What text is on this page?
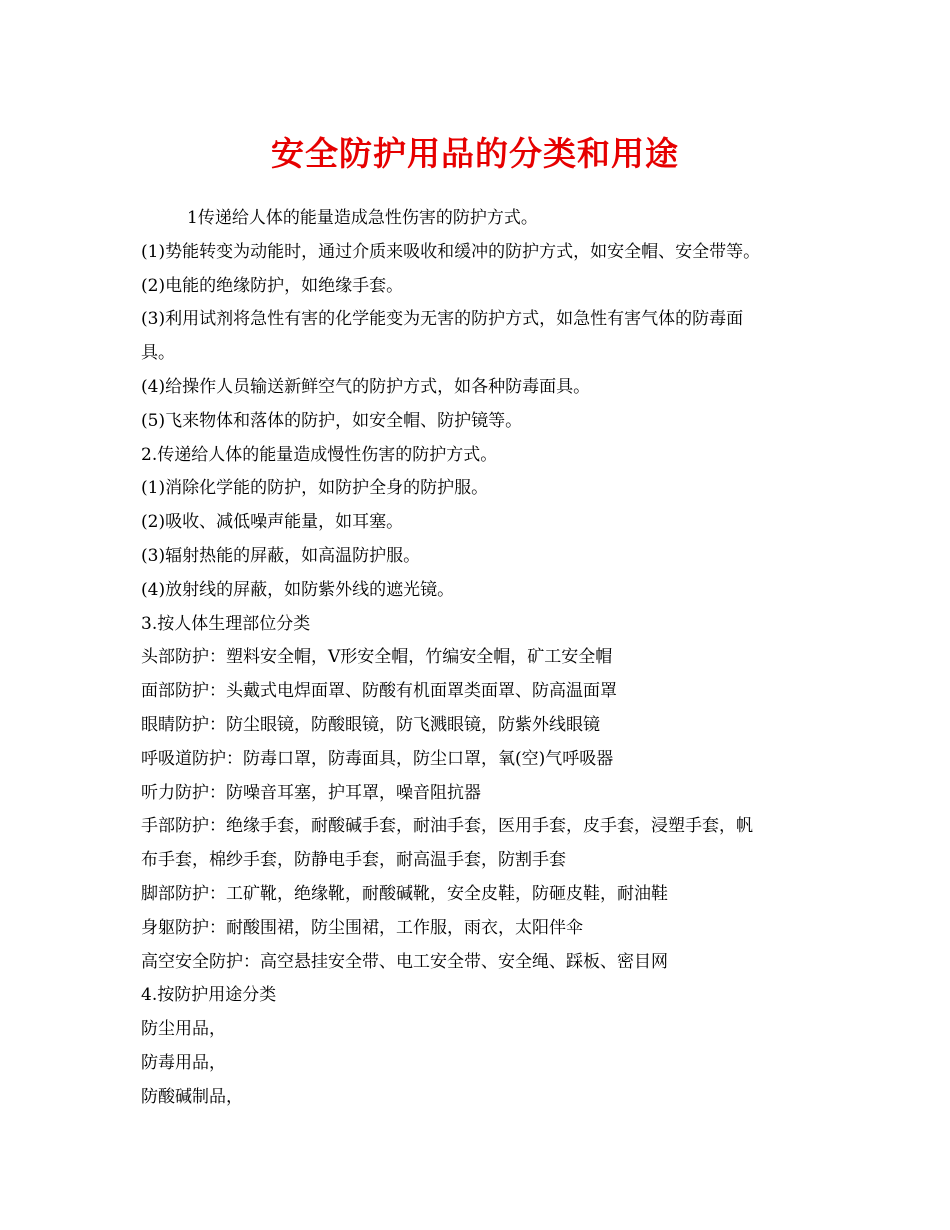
安全防护用品的分类和用途
1传递给人体的能量造成急性伤害的防护方式。
(1)势能转变为动能时，通过介质来吸收和缓冲的防护方式，如安全帽、安全带等。
(2)电能的绝缘防护，如绝缘手套。
(3)利用试剂将急性有害的化学能变为无害的防护方式，如急性有害气体的防毒面
具。
(4)给操作人员输送新鲜空气的防护方式，如各种防毒面具。
(5)飞来物体和落体的防护，如安全帽、防护镜等。
2.传递给人体的能量造成慢性伤害的防护方式。
(1)消除化学能的防护，如防护全身的防护服。
(2)吸收、减低噪声能量，如耳塞。
(3)辐射热能的屏蔽，如高温防护服。
(4)放射线的屏蔽，如防紫外线的遮光镜。
3.按人体生理部位分类
头部防护：塑料安全帽，V形安全帽，竹编安全帽，矿工安全帽
面部防护：头戴式电焊面罩、防酸有机面罩类面罩、防高温面罩
眼睛防护：防尘眼镜，防酸眼镜，防飞溅眼镜，防紫外线眼镜
呼吸道防护：防毒口罩，防毒面具，防尘口罩，氧(空)气呼吸器
听力防护：防噪音耳塞，护耳罩，噪音阻抗器
手部防护：绝缘手套，耐酸碱手套，耐油手套，医用手套，皮手套，浸塑手套，帆
布手套，棉纱手套，防静电手套，耐高温手套，防割手套
脚部防护：工矿靴，绝缘靴，耐酸碱靴，安全皮鞋，防砸皮鞋，耐油鞋
身躯防护：耐酸围裙，防尘围裙，工作服，雨衣，太阳伴伞
高空安全防护：高空悬挂安全带、电工安全带、安全绳、踩板、密目网
4.按防护用途分类
防尘用品，
防毒用品，
防酸碱制品，
